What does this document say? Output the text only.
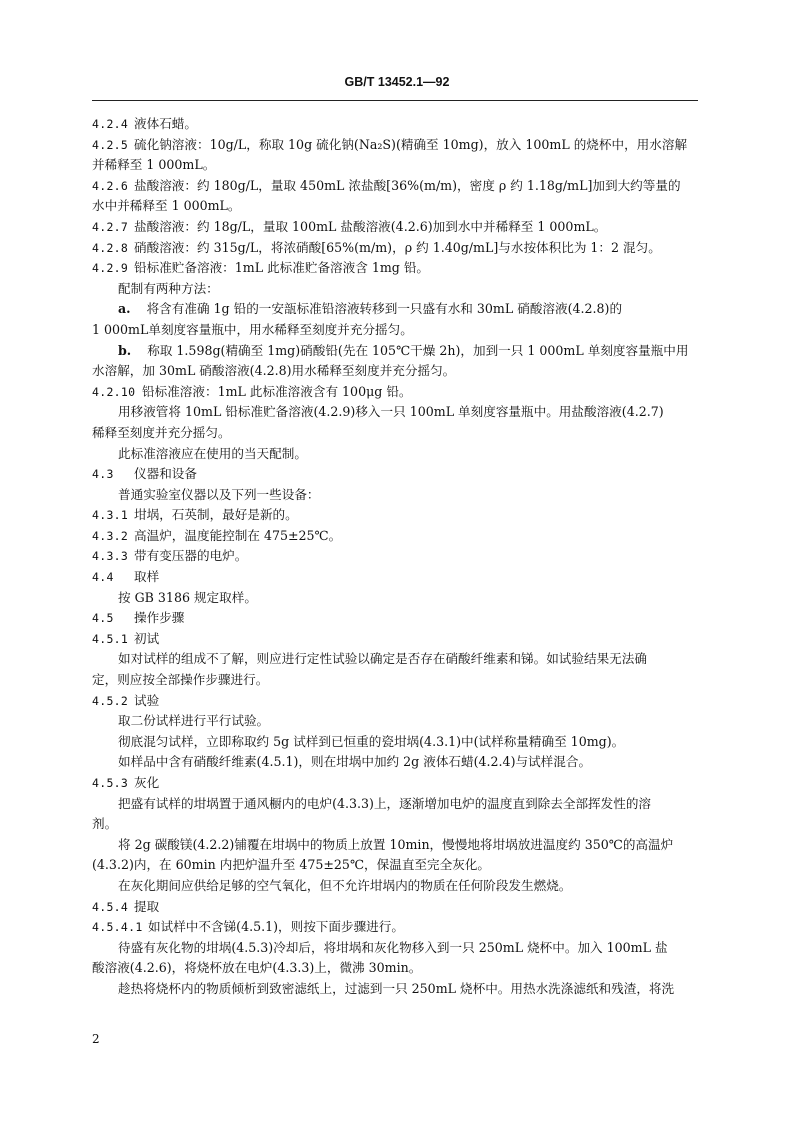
GB/T 13452.1—92

4.2.4 液体石蜡。

4.2.5 硫化钠溶液：10g/L，称取 10g 硫化钠(Na₂S)(精确至 10mg)，放入 100mL 的烧杯中，用水溶解

并稀释至 1 000mL。

4.2.6 盐酸溶液：约 180g/L，量取 450mL 浓盐酸[36%(m/m)，密度 ρ 约 1.18g/mL]加到大约等量的

水中并稀释至 1 000mL。

4.2.7 盐酸溶液：约 18g/L，量取 100mL 盐酸溶液(4.2.6)加到水中并稀释至 1 000mL。

4.2.8 硝酸溶液：约 315g/L，将浓硝酸[65%(m/m)，ρ 约 1.40g/mL]与水按体积比为 1：2 混匀。

4.2.9 铅标准贮备溶液：1mL 此标准贮备溶液含 1mg 铅。

配制有两种方法：

a. 将含有准确 1g 铅的一安瓿标准铅溶液转移到一只盛有水和 30mL 硝酸溶液(4.2.8)的

1 000mL单刻度容量瓶中，用水稀释至刻度并充分摇匀。

b. 称取 1.598g(精确至 1mg)硝酸铅(先在 105℃干燥 2h)，加到一只 1 000mL 单刻度容量瓶中用

水溶解，加 30mL 硝酸溶液(4.2.8)用水稀释至刻度并充分摇匀。

4.2.10 铅标准溶液：1mL 此标准溶液含有 100μg 铅。

用移液管将 10mL 铅标准贮备溶液(4.2.9)移入一只 100mL 单刻度容量瓶中。用盐酸溶液(4.2.7)

稀释至刻度并充分摇匀。

此标准溶液应在使用的当天配制。

4.3 仪器和设备

普通实验室仪器以及下列一些设备：

4.3.1 坩埚，石英制，最好是新的。

4.3.2 高温炉，温度能控制在 475±25℃。

4.3.3 带有变压器的电炉。

4.4 取样

按 GB 3186 规定取样。

4.5 操作步骤

4.5.1 初试

如对试样的组成不了解，则应进行定性试验以确定是否存在硝酸纤维素和锑。如试验结果无法确

定，则应按全部操作步骤进行。

4.5.2 试验

取二份试样进行平行试验。

彻底混匀试样，立即称取约 5g 试样到已恒重的瓷坩埚(4.3.1)中(试样称量精确至 10mg)。

如样品中含有硝酸纤维素(4.5.1)，则在坩埚中加约 2g 液体石蜡(4.2.4)与试样混合。

4.5.3 灰化

把盛有试样的坩埚置于通风橱内的电炉(4.3.3)上，逐渐增加电炉的温度直到除去全部挥发性的溶

剂。

将 2g 碳酸镁(4.2.2)铺覆在坩埚中的物质上放置 10min，慢慢地将坩埚放进温度约 350℃的高温炉

(4.3.2)内，在 60min 内把炉温升至 475±25℃，保温直至完全灰化。

在灰化期间应供给足够的空气氧化，但不允许坩埚内的物质在任何阶段发生燃烧。

4.5.4 提取

4.5.4.1 如试样中不含锑(4.5.1)，则按下面步骤进行。

待盛有灰化物的坩埚(4.5.3)冷却后，将坩埚和灰化物移入到一只 250mL 烧杯中。加入 100mL 盐

酸溶液(4.2.6)，将烧杯放在电炉(4.3.3)上，微沸 30min。

趁热将烧杯内的物质倾析到致密滤纸上，过滤到一只 250mL 烧杯中。用热水洗涤滤纸和残渣，将洗

2
